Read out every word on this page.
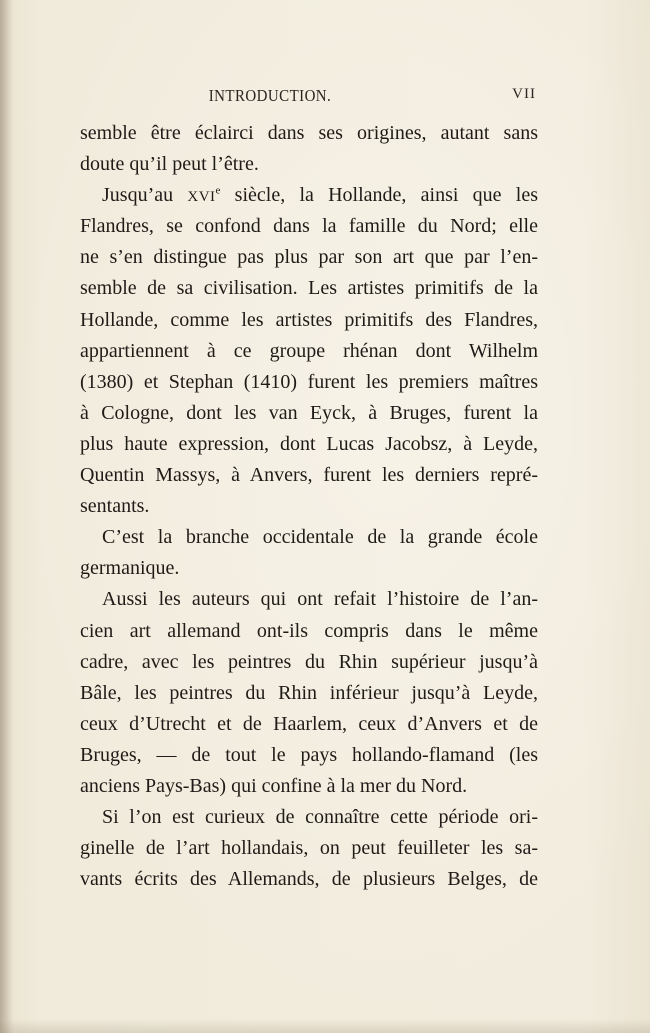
INTRODUCTION.	VII
semble être éclairci dans ses origines, autant sans
doute qu’il peut l’être.
Jusqu’au XVIe siècle, la Hollande, ainsi que les
Flandres, se confond dans la famille du Nord; elle
ne s’en distingue pas plus par son art que par l’en-
semble de sa civilisation. Les artistes primitifs de la
Hollande, comme les artistes primitifs des Flandres,
appartiennent à ce groupe rhénan dont Wilhelm
(1380) et Stephan (1410) furent les premiers maîtres
à Cologne, dont les van Eyck, à Bruges, furent la
plus haute expression, dont Lucas Jacobsz, à Leyde,
Quentin Massys, à Anvers, furent les derniers repré-
sentants.
C’est la branche occidentale de la grande école
germanique.
Aussi les auteurs qui ont refait l’histoire de l’an-
cien art allemand ont-ils compris dans le même
cadre, avec les peintres du Rhin supérieur jusqu’à
Bâle, les peintres du Rhin inférieur jusqu’à Leyde,
ceux d’Utrecht et de Haarlem, ceux d’Anvers et de
Bruges, — de tout le pays hollando-flamand (les
anciens Pays-Bas) qui confine à la mer du Nord.
Si l’on est curieux de connaître cette période ori-
ginelle de l’art hollandais, on peut feuilleter les sa-
vants écrits des Allemands, de plusieurs Belges, de
